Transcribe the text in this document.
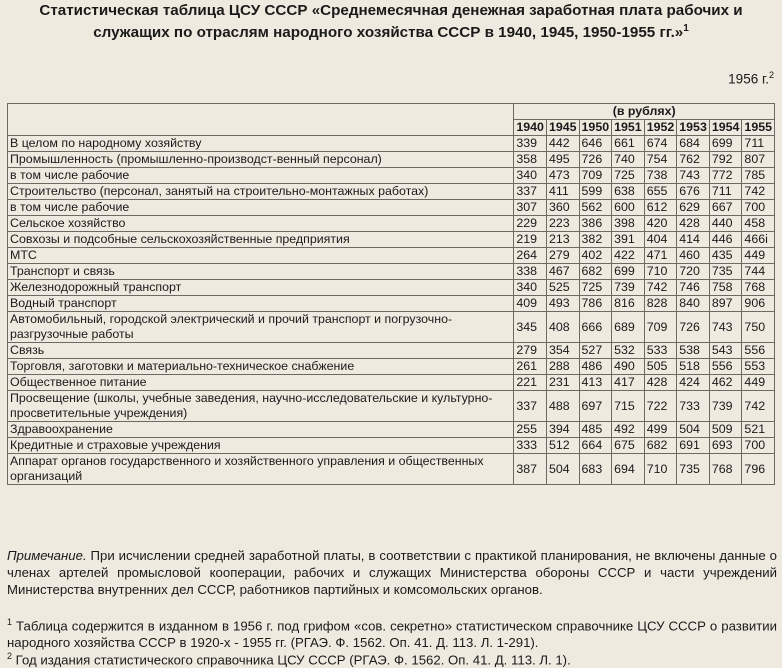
Статистическая таблица ЦСУ СССР «Среднемесячная денежная заработная плата рабочих и служащих по отраслям народного хозяйства СССР в 1940, 1945, 1950-1955 гг.»$^1$
1956 г.$^2$
	(в рублях)							
	1940	1945	1950	1951	1952	1953	1954	1955
В целом по народному хозяйству	339	442	646	661	674	684	699	711
Промышленность (промышленно-производст-венный персонал)	358	495	726	740	754	762	792	807
в том числе рабочие	340	473	709	725	738	743	772	785
Строительство (персонал, занятый на строительно-монтажных работах)	337	411	599	638	655	676	711	742
в том числе рабочие	307	360	562	600	612	629	667	700
Сельское хозяйство	229	223	386	398	420	428	440	458
Совхозы и подсобные сельскохозяйственные предприятия	219	213	382	391	404	414	446	466i
МТС	264	279	402	422	471	460	435	449
Транспорт и связь	338	467	682	699	710	720	735	744
Железнодорожный транспорт	340	525	725	739	742	746	758	768
Водный транспорт	409	493	786	816	828	840	897	906
Автомобильный, городской электрический и прочий транспорт и погрузочно-разгрузочные работы	345	408	666	689	709	726	743	750
Связь	279	354	527	532	533	538	543	556
Торговля, заготовки и материально-техническое снабжение	261	288	486	490	505	518	556	553
Общественное питание	221	231	413	417	428	424	462	449
Просвещение (школы, учебные заведения, научно-исследовательские и культурно-просветительные учреждения)	337	488	697	715	722	733	739	742
Здравоохранение	255	394	485	492	499	504	509	521
Кредитные и страховые учреждения	333	512	664	675	682	691	693	700
Аппарат органов государственного и хозяйственного управления и общественных организаций	387	504	683	694	710	735	768	796
Примечание. При исчислении средней заработной платы, в соответствии с практикой планирования, не включены данные о членах артелей промысловой кооперации, рабочих и служащих Министерства обороны СССР и части учреждений Министерства внутренних дел СССР, работников партийных и комсомольских органов.
$^1$ Таблица содержится в изданном в 1956 г. под грифом «сов. секретно» статистическом справочнике ЦСУ СССР о развитии народного хозяйства СССР в 1920-х - 1955 гг. (РГАЭ. Ф. 1562. Оп. 41. Д. 113. Л. 1-291).
$^2$ Год издания статистического справочника ЦСУ СССР (РГАЭ. Ф. 1562. Оп. 41. Д. 113. Л. 1).
